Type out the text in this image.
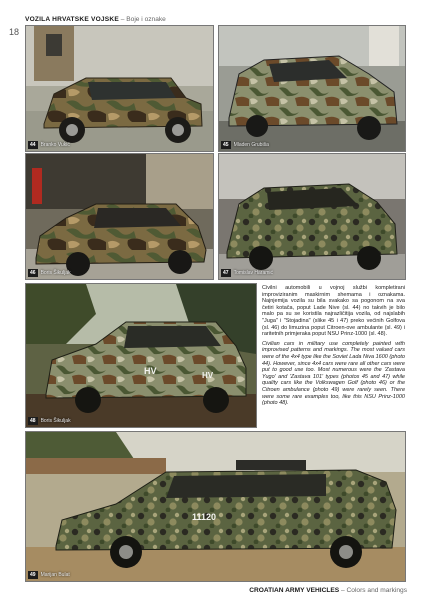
18
VOZILA HRVATSKE VOJSKE – Boje i oznake
44	Branko Vukić	45	Mladen Grubiša
46	Boris Šikuljak	47	Tomislav Haramić
HV	HV
48	Boris Šikuljak

Civilni automobili u vojnoj službi kompletirani improviziranim maskirnim shemama i oznakama. Najnjemija vozila su bila svakako sa pogonom na sva četiri kotača, poput Lade Nive (sl. 44) no takvih je bilo malo pa su se koristila najrazličitija vozila, od najslabih "Juga" i "Stojadina" (slike 45 i 47) preko većinih Golfova (sl. 46) do limuzina poput Citroen-ove ambulante (sl. 49) i raritetnih primjeraka poput NSU Prinz-1000 (sl. 48).

Civilian cars in military use completely painted with improvised patterns and markings. The most valued cars were of the 4x4 type like the Soviet Lada Niva 1600 (photo 44). However, since 4x4 cars were rare all other cars were put to good use too. Most numerous were the 'Zastava Yugo' and 'Zastava 101' types (photos 45 and 47) while quality cars like the Volkswagen Golf (photo 46) or the Citroen ambulance (photo 49) were rarely seen. There were some rare examples too, like this NSU Prinz-1000 (photo 48).

11120
49	Marijan Bulat
CROATIAN ARMY VEHICLES – Colors and markings
